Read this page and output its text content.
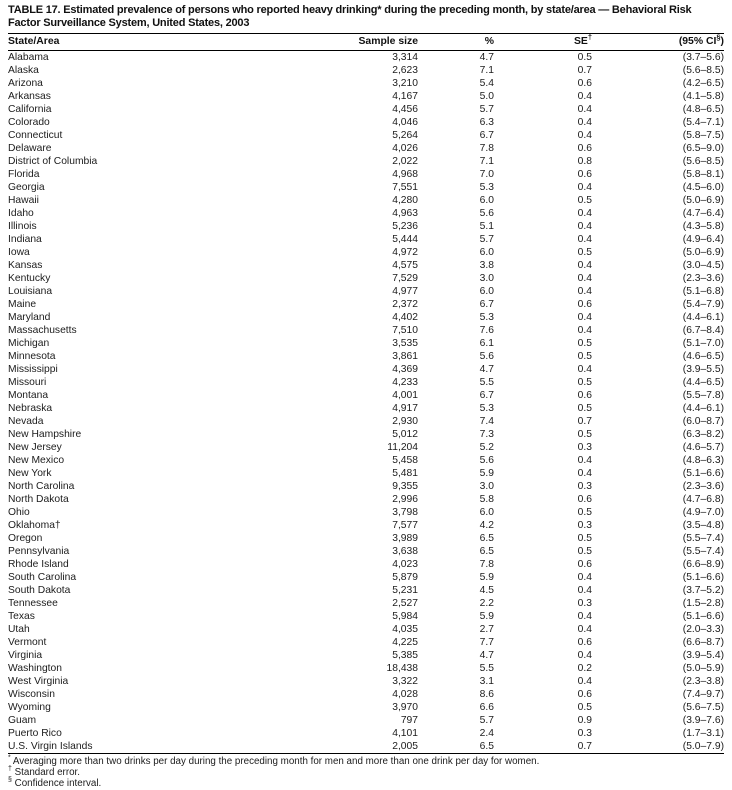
TABLE 17. Estimated prevalence of persons who reported heavy drinking* during the preceding month, by state/area — Behavioral Risk Factor Surveillance System, United States, 2003
State/Area	Sample size	%	SE†	(95% CI§)
Alabama	3,314	4.7	0.5	(3.7–5.6)
Alaska	2,623	7.1	0.7	(5.6–8.5)
Arizona	3,210	5.4	0.6	(4.2–6.5)
Arkansas	4,167	5.0	0.4	(4.1–5.8)
California	4,456	5.7	0.4	(4.8–6.5)
Colorado	4,046	6.3	0.4	(5.4–7.1)
Connecticut	5,264	6.7	0.4	(5.8–7.5)
Delaware	4,026	7.8	0.6	(6.5–9.0)
District of Columbia	2,022	7.1	0.8	(5.6–8.5)
Florida	4,968	7.0	0.6	(5.8–8.1)
Georgia	7,551	5.3	0.4	(4.5–6.0)
Hawaii	4,280	6.0	0.5	(5.0–6.9)
Idaho	4,963	5.6	0.4	(4.7–6.4)
Illinois	5,236	5.1	0.4	(4.3–5.8)
Indiana	5,444	5.7	0.4	(4.9–6.4)
Iowa	4,972	6.0	0.5	(5.0–6.9)
Kansas	4,575	3.8	0.4	(3.0–4.5)
Kentucky	7,529	3.0	0.4	(2.3–3.6)
Louisiana	4,977	6.0	0.4	(5.1–6.8)
Maine	2,372	6.7	0.6	(5.4–7.9)
Maryland	4,402	5.3	0.4	(4.4–6.1)
Massachusetts	7,510	7.6	0.4	(6.7–8.4)
Michigan	3,535	6.1	0.5	(5.1–7.0)
Minnesota	3,861	5.6	0.5	(4.6–6.5)
Mississippi	4,369	4.7	0.4	(3.9–5.5)
Missouri	4,233	5.5	0.5	(4.4–6.5)
Montana	4,001	6.7	0.6	(5.5–7.8)
Nebraska	4,917	5.3	0.5	(4.4–6.1)
Nevada	2,930	7.4	0.7	(6.0–8.7)
New Hampshire	5,012	7.3	0.5	(6.3–8.2)
New Jersey	11,204	5.2	0.3	(4.6–5.7)
New Mexico	5,458	5.6	0.4	(4.8–6.3)
New York	5,481	5.9	0.4	(5.1–6.6)
North Carolina	9,355	3.0	0.3	(2.3–3.6)
North Dakota	2,996	5.8	0.6	(4.7–6.8)
Ohio	3,798	6.0	0.5	(4.9–7.0)
Oklahoma†	7,577	4.2	0.3	(3.5–4.8)
Oregon	3,989	6.5	0.5	(5.5–7.4)
Pennsylvania	3,638	6.5	0.5	(5.5–7.4)
Rhode Island	4,023	7.8	0.6	(6.6–8.9)
South Carolina	5,879	5.9	0.4	(5.1–6.6)
South Dakota	5,231	4.5	0.4	(3.7–5.2)
Tennessee	2,527	2.2	0.3	(1.5–2.8)
Texas	5,984	5.9	0.4	(5.1–6.6)
Utah	4,035	2.7	0.4	(2.0–3.3)
Vermont	4,225	7.7	0.6	(6.6–8.7)
Virginia	5,385	4.7	0.4	(3.9–5.4)
Washington	18,438	5.5	0.2	(5.0–5.9)
West Virginia	3,322	3.1	0.4	(2.3–3.8)
Wisconsin	4,028	8.6	0.6	(7.4–9.7)
Wyoming	3,970	6.6	0.5	(5.6–7.5)
Guam	797	5.7	0.9	(3.9–7.6)
Puerto Rico	4,101	2.4	0.3	(1.7–3.1)
U.S. Virgin Islands	2,005	6.5	0.7	(5.0–7.9)
* Averaging more than two drinks per day during the preceding month for men and more than one drink per day for women.
† Standard error.
§ Confidence interval.
